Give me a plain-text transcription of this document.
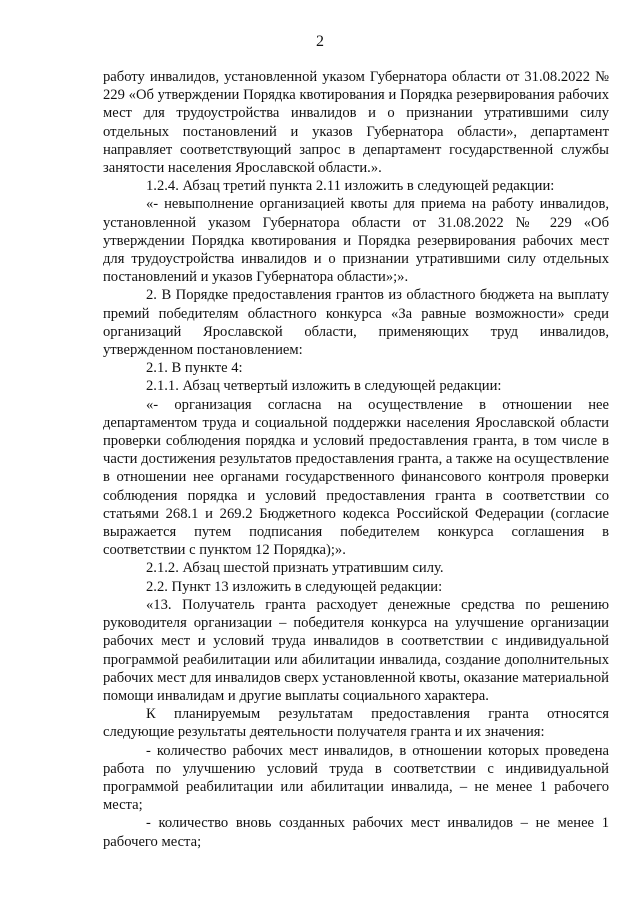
2

работу инвалидов, установленной указом Губернатора области от 31.08.2022 № 229 «Об утверждении Порядка квотирования и Порядка резервирования рабочих мест для трудоустройства инвалидов и о признании утратившими силу отдельных постановлений и указов Губернатора области», департамент направляет соответствующий запрос в департамент государственной службы занятости населения Ярославской области.».

1.2.4. Абзац третий пункта 2.11 изложить в следующей редакции:

«- невыполнение организацией квоты для приема на работу инвалидов, установленной указом Губернатора области от 31.08.2022 № 229 «Об утверждении Порядка квотирования и Порядка резервирования рабочих мест для трудоустройства инвалидов и о признании утратившими силу отдельных постановлений и указов Губернатора области»;».

2. В Порядке предоставления грантов из областного бюджета на выплату премий победителям областного конкурса «За равные возможности» среди организаций Ярославской области, применяющих труд инвалидов, утвержденном постановлением:

2.1. В пункте 4:

2.1.1. Абзац четвертый изложить в следующей редакции:

«- организация согласна на осуществление в отношении нее департаментом труда и социальной поддержки населения Ярославской области проверки соблюдения порядка и условий предоставления гранта, в том числе в части достижения результатов предоставления гранта, а также на осуществление в отношении нее органами государственного финансового контроля проверки соблюдения порядка и условий предоставления гранта в соответствии со статьями 268.1 и 269.2 Бюджетного кодекса Российской Федерации (согласие выражается путем подписания победителем конкурса соглашения в соответствии с пунктом 12 Порядка);».

2.1.2. Абзац шестой признать утратившим силу.

2.2. Пункт 13 изложить в следующей редакции:

«13. Получатель гранта расходует денежные средства по решению руководителя организации – победителя конкурса на улучшение организации рабочих мест и условий труда инвалидов в соответствии с индивидуальной программой реабилитации или абилитации инвалида, создание дополнительных рабочих мест для инвалидов сверх установленной квоты, оказание материальной помощи инвалидам и другие выплаты социального характера.

К планируемым результатам предоставления гранта относятся следующие результаты деятельности получателя гранта и их значения:

- количество рабочих мест инвалидов, в отношении которых проведена работа по улучшению условий труда в соответствии с индивидуальной программой реабилитации или абилитации инвалида, – не менее 1 рабочего места;

- количество вновь созданных рабочих мест инвалидов – не менее 1 рабочего места;
